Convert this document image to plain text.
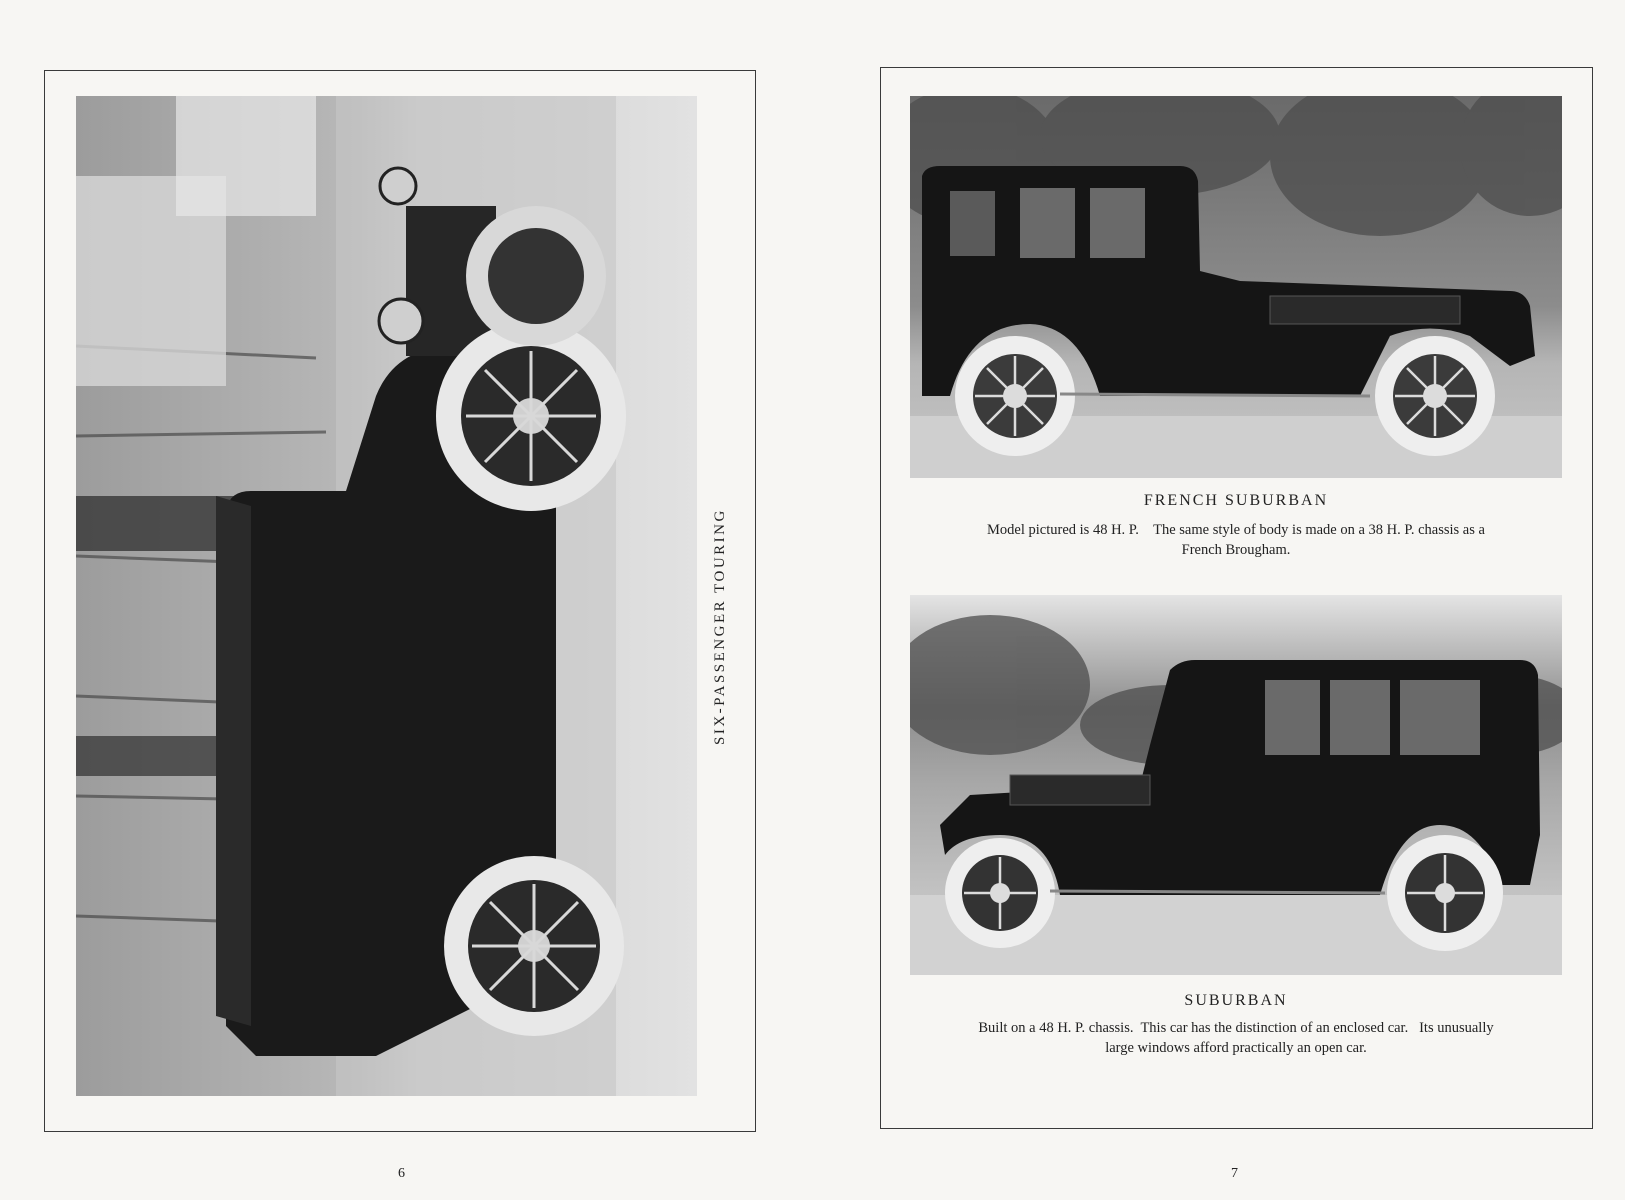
SIX-PASSENGER TOURING
6
FRENCH SUBURBAN
Model pictured is 48 H. P.    The same style of body is made on a 38 H. P. chassis as a
French Brougham.
SUBURBAN
Built on a 48 H. P. chassis.  This car has the distinction of an enclosed car.   Its unusually
large windows afford practically an open car.
7
